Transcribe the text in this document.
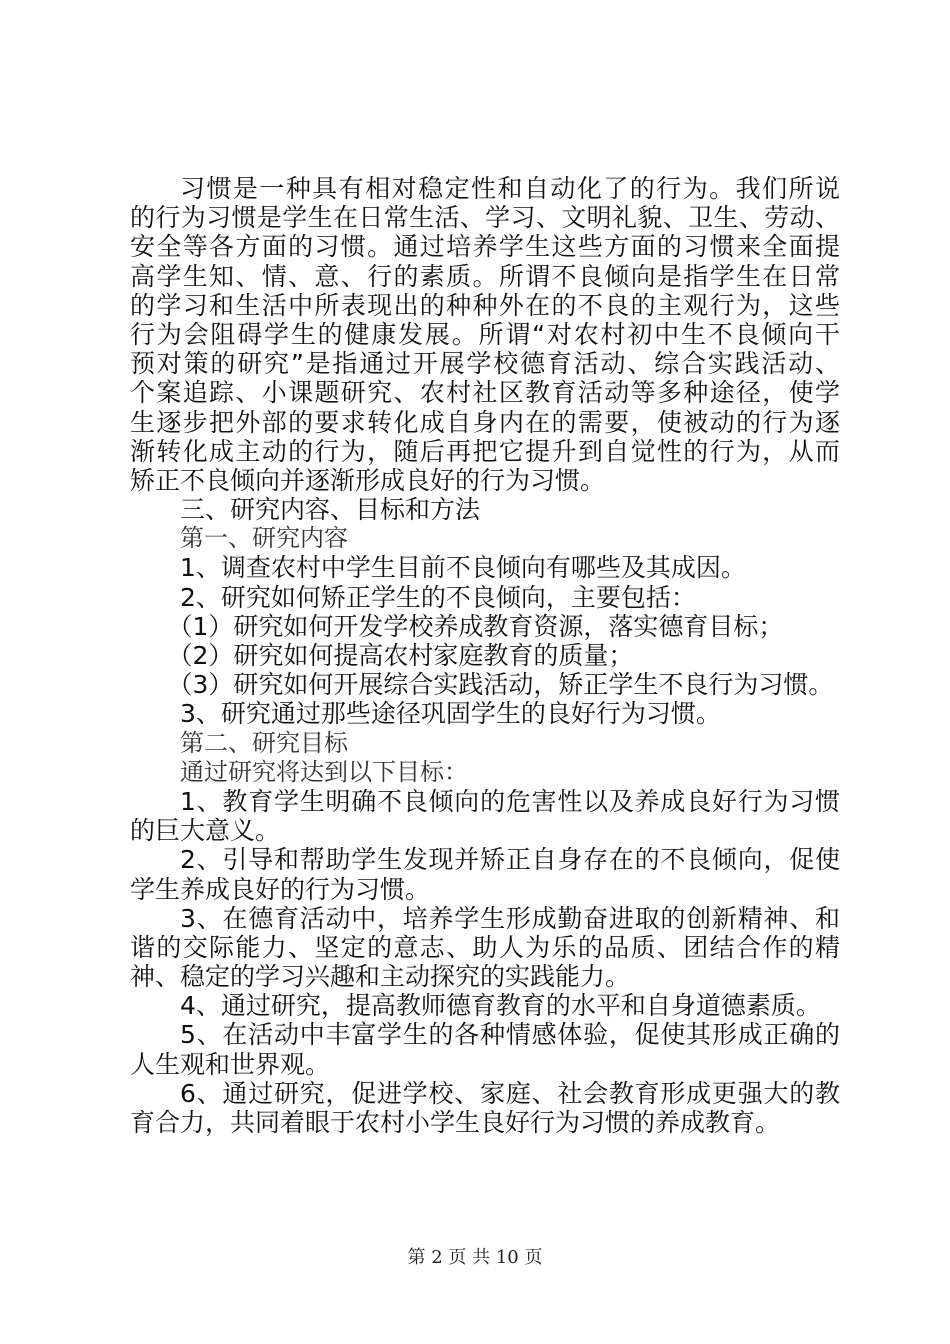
习惯是一种具有相对稳定性和自动化了的行为。我们所说
的行为习惯是学生在日常生活、学习、文明礼貌、卫生、劳动、
安全等各方面的习惯。通过培养学生这些方面的习惯来全面提
高学生知、情、意、行的素质。所谓不良倾向是指学生在日常
的学习和生活中所表现出的种种外在的不良的主观行为，这些
行为会阻碍学生的健康发展。所谓“对农村初中生不良倾向干
预对策的研究”是指通过开展学校德育活动、综合实践活动、
个案追踪、小课题研究、农村社区教育活动等多种途径，使学
生逐步把外部的要求转化成自身内在的需要，使被动的行为逐
渐转化成主动的行为，随后再把它提升到自觉性的行为，从而
矫正不良倾向并逐渐形成良好的行为习惯。
三、研究内容、目标和方法
第一、研究内容
1、调查农村中学生目前不良倾向有哪些及其成因。
2、研究如何矫正学生的不良倾向，主要包括：
（1）研究如何开发学校养成教育资源，落实德育目标；
（2）研究如何提高农村家庭教育的质量；
（3）研究如何开展综合实践活动，矫正学生不良行为习惯。
3、研究通过那些途径巩固学生的良好行为习惯。
第二、研究目标
通过研究将达到以下目标：
1、教育学生明确不良倾向的危害性以及养成良好行为习惯
的巨大意义。
2、引导和帮助学生发现并矫正自身存在的不良倾向，促使
学生养成良好的行为习惯。
3、在德育活动中，培养学生形成勤奋进取的创新精神、和
谐的交际能力、坚定的意志、助人为乐的品质、团结合作的精
神、稳定的学习兴趣和主动探究的实践能力。
4、通过研究，提高教师德育教育的水平和自身道德素质。
5、在活动中丰富学生的各种情感体验，促使其形成正确的
人生观和世界观。
6、通过研究，促进学校、家庭、社会教育形成更强大的教
育合力，共同着眼于农村小学生良好行为习惯的养成教育。
第 2 页 共 10 页
